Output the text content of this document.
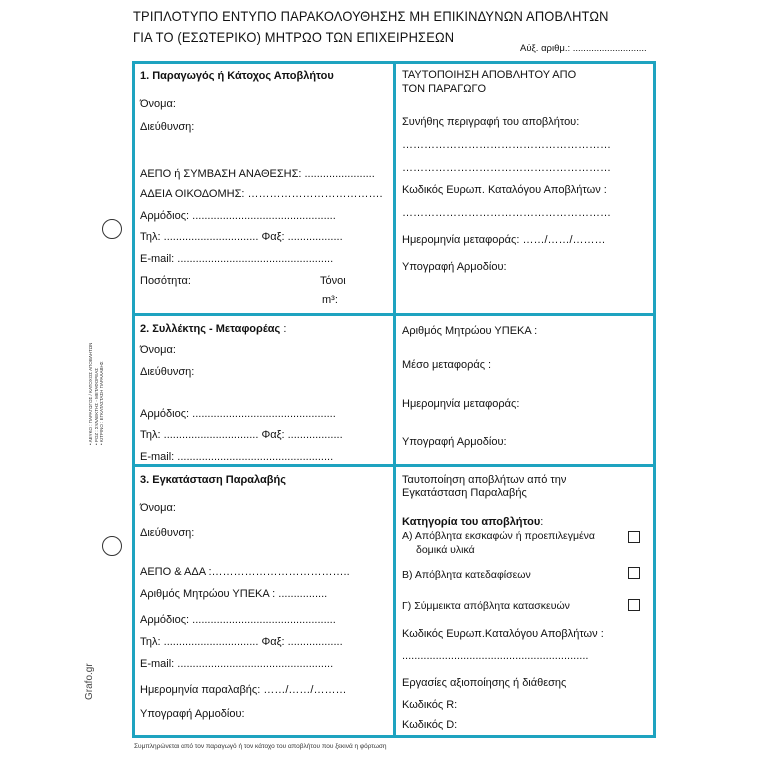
ΤΡΙΠΛΟΤΥΠΟ ΕΝΤΥΠΟ ΠΑΡΑΚΟΛΟΥΘΗΣΗΣ ΜΗ ΕΠΙΚΙΝΔΥΝΩΝ ΑΠΟΒΛΗΤΩΝ
ΓΙΑ ΤΟ (ΕΣΩΤΕΡΙΚΟ) ΜΗΤΡΩΟ ΤΩΝ ΕΠΙΧΕΙΡΗΣΕΩΝ
Αύξ. αριθμ.: ............................
• ΛΕΥΚΟ : ΠΑΡΑΓΩΓΟΣ / ΚΑΤΟΧΟΣ ΑΠΟΒΛΗΤΩΝ • ΡΟΖ : ΣΥΛΛΕΚΤΗΣ - ΜΕΤΑΦΟΡΕΑΣ • ΚΙΤΡΙΝΟ : ΕΓΚΑΤΑΣΤΑΣΗ ΠΑΡΑΛΑΒΗΣ
Grafo.gr
1. Παραγωγός ή Κάτοχος Αποβλήτου
Όνομα:
Διεύθυνση:
ΑΕΠΟ ή ΣΥΜΒΑΣΗ ΑΝΑΘΕΣΗΣ: .......................
ΑΔΕΙΑ ΟΙΚΟΔΟΜΗΣ: ……………………………….
Αρμόδιος: ...............................................
Τηλ: ............................... Φαξ: ..................
E-mail: ...................................................
Ποσότητα:	Τόνοι
m³:
ΤΑΥΤΟΠΟΙΗΣΗ ΑΠΟΒΛΗΤΟΥ ΑΠΟ
ΤΟΝ ΠΑΡΑΓΩΓΟ
Συνήθης περιγραφή του αποβλήτου:
…………………………………………………
…………………………………………………
Κωδικός Ευρωπ. Καταλόγου Αποβλήτων :
…………………………………………………
Ημερομηνία μεταφοράς: ……/……/………
Υπογραφή Αρμοδίου:
2. Συλλέκτης - Μεταφορέας :
Όνομα:
Διεύθυνση:
Αρμόδιος: ...............................................
Τηλ: ............................... Φαξ: ..................
E-mail: ...................................................
Αριθμός Μητρώου ΥΠΕΚΑ :
Μέσο μεταφοράς :
Ημερομηνία μεταφοράς:
Υπογραφή Αρμοδίου:
3. Εγκατάσταση Παραλαβής
Όνομα:
Διεύθυνση:
ΑΕΠΟ & ΑΔΑ :………………………………..
Αριθμός Μητρώου ΥΠΕΚΑ : ................
Αρμόδιος: ...............................................
Τηλ: ............................... Φαξ: ..................
E-mail: ...................................................
Ημερομηνία παραλαβής: ……/……/………
Υπογραφή Αρμοδίου:
Ταυτοποίηση αποβλήτων από την
Εγκατάσταση Παραλαβής
Κατηγορία του αποβλήτου:
Α) Απόβλητα εκσκαφών ή προεπιλεγμένα
δομικά υλικά
Β) Απόβλητα κατεδαφίσεων
Γ) Σύμμεικτα απόβλητα κατασκευών
Κωδικός Ευρωπ.Καταλόγου Αποβλήτων :
.............................................................
Εργασίες αξιοποίησης ή διάθεσης
Κωδικός R:
Κωδικός D:
Συμπληρώνεται από τον παραγωγό ή τον κάτοχο του αποβλήτου που ξεκινά η φόρτωση
